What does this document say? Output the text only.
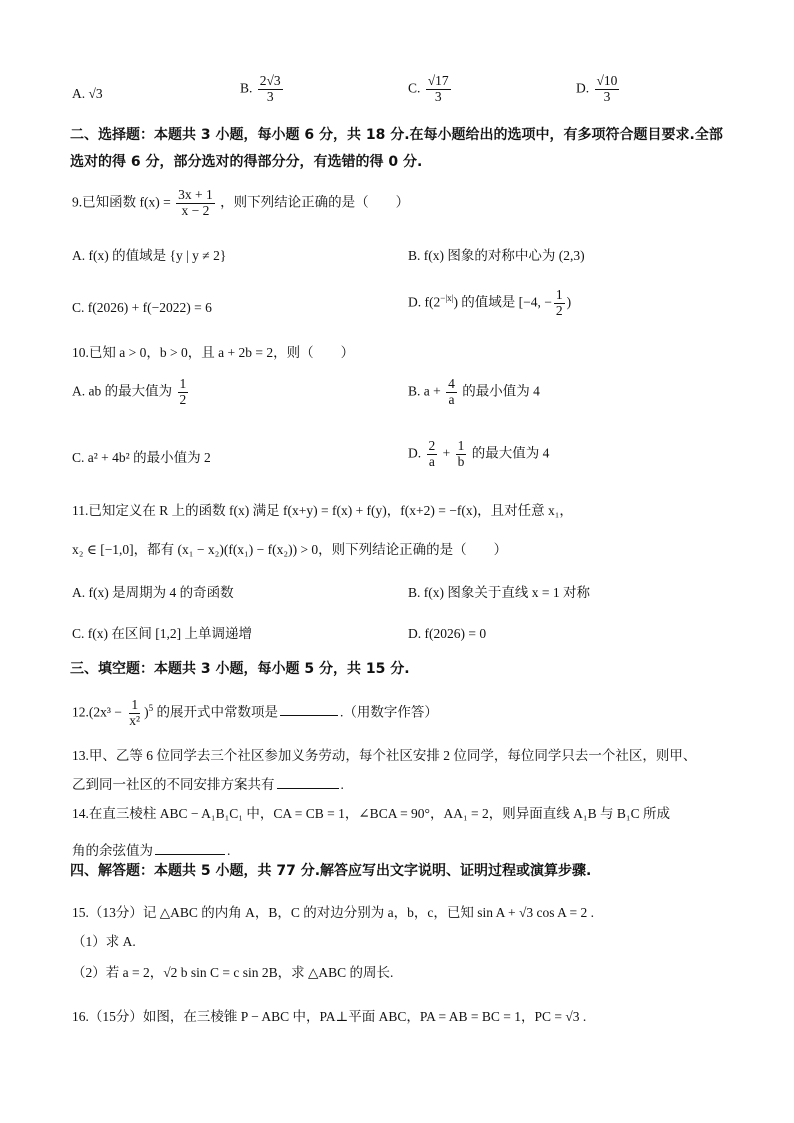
A. √3	B. $\frac{2√3}{3}$	C. $\frac{√17}{3}$	D. $\frac{√10}{3}$
二、选择题：本题共 3 小题，每小题 6 分，共 18 分.在每小题给出的选项中，有多项符合题目要求.全部选对的得 6 分，部分选对的得部分分，有选错的得 0 分.
9.已知函数 $f(x) = \frac{3x + 1}{x - 2}$ ，则下列结论正确的是（　　）
A. f(x) 的值域是 {y | y ≠ 2}	B. f(x) 图象的对称中心为 (2,3)
C. f(2026) + f(−2022) = 6	D. $f(2^{-|x|})$ 的值域是 [−4, − $\frac{1}{2}$ )
10.已知 a > 0，b > 0，且 a + 2b = 2，则（　　）
A. ab 的最大值为 $\frac{1}{2}$	B. $a + \frac{4}{a}$ 的最小值为 4
C. a² + 4b² 的最小值为 2	D. $\frac{2}{a} + \frac{1}{b}$ 的最大值为 4
11.已知定义在 R 上的函数 f(x) 满足 f(x+y) = f(x) + f(y)，f(x+2) = −f(x)，且对任意 x₁，
x₂ ∈ [−1,0]，都有 (x₁ − x₂)(f(x₁) − f(x₂)) > 0，则下列结论正确的是（　　）
A. f(x) 是周期为 4 的奇函数	B. f(x) 图象关于直线 x = 1 对称
C. f(x) 在区间 [1,2] 上单调递增	D. f(2026) = 0
三、填空题：本题共 3 小题，每小题 5 分，共 15 分.
$12.(2x^3 - \frac{1}{\text{x²}} )^5$ 的展开式中常数项是	.（用数字作答）
13.甲、乙等 6 位同学去三个社区参加义务劳动，每个社区安排 2 位同学，每位同学只去一个社区，则甲、
乙到同一社区的不同安排方案共有	.
14.在直三棱柱 ABC − A₁B₁C₁ 中，CA = CB = 1，∠BCA = 90°，AA₁ = 2，则异面直线 A₁B 与 B₁C 所成
角的余弦值为	.
四、解答题：本题共 5 小题，共 77 分.解答应写出文字说明、证明过程或演算步骤.
15.（13分）记 △ABC 的内角 A，B，C 的对边分别为 a，b，c，已知 sin A + √3 cos A = 2 .
（1）求 A.
（2）若 a = 2，√2 b sin C = c sin 2B，求 △ABC 的周长.
16.（15分）如图，在三棱锥 P − ABC 中，PA⊥平面 ABC，PA = AB = BC = 1，PC = √3 .
